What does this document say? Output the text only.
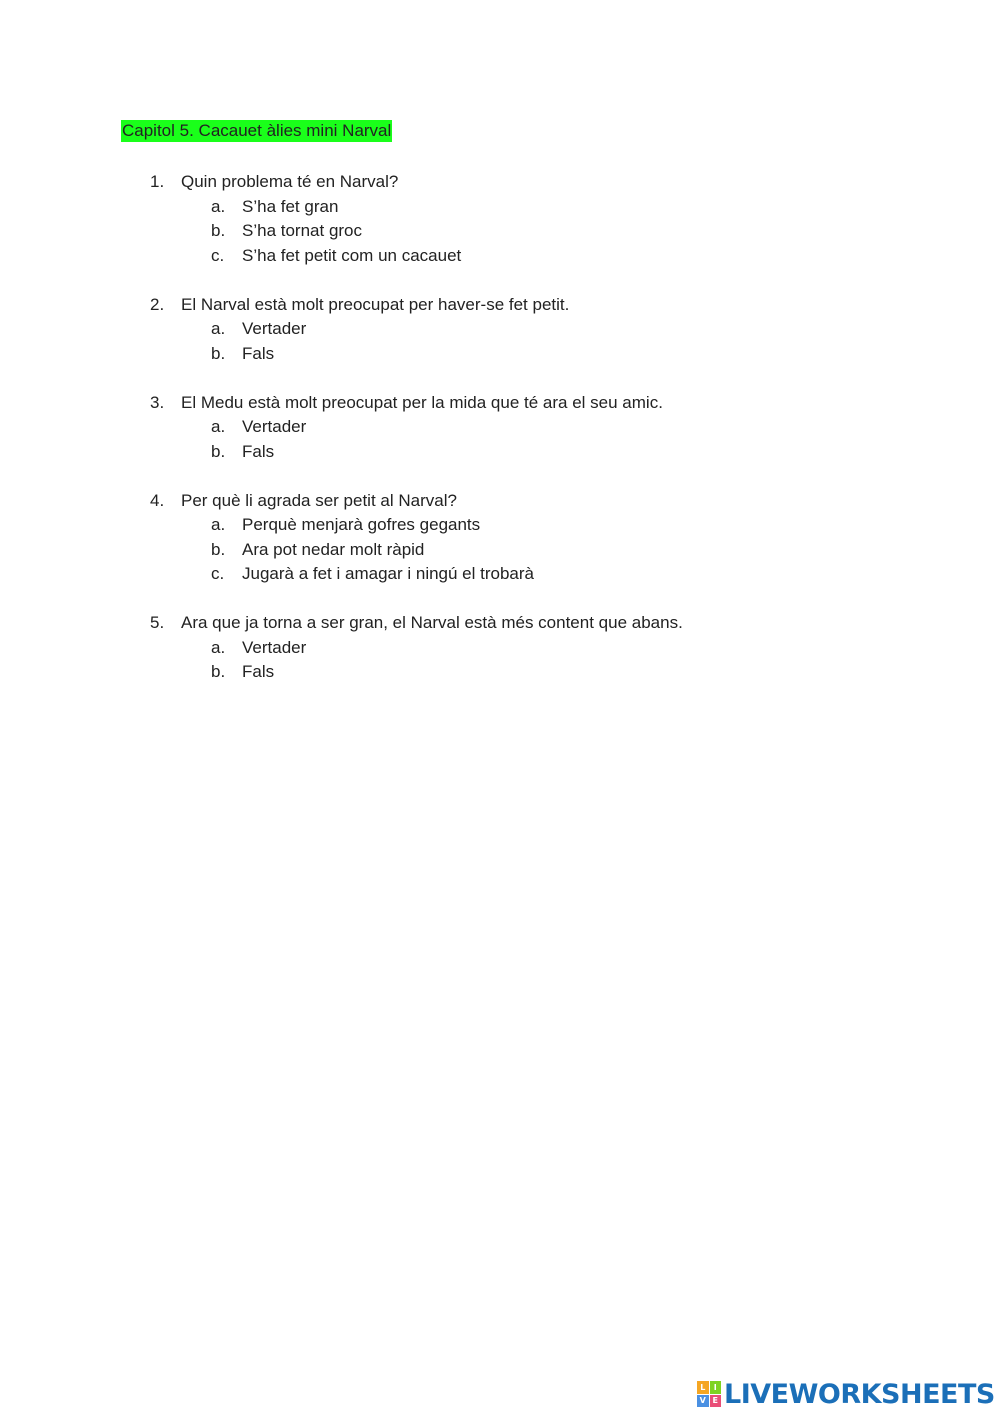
Capitol 5. Cacauet àlies mini Narval
1. Quin problema té en Narval?
a. S’ha fet gran
b. S’ha tornat groc
c. S’ha fet petit com un cacauet
2. El Narval està molt preocupat per haver-se fet petit.
a. Vertader
b. Fals
3. El Medu està molt preocupat per la mida que té ara el seu amic.
a. Vertader
b. Fals
4. Per què li agrada ser petit al Narval?
a. Perquè menjarà gofres gegants
b. Ara pot nedar molt ràpid
c. Jugarà a fet i amagar i ningú el trobarà
5. Ara que ja torna a ser gran, el Narval està més content que abans.
a. Vertader
b. Fals
L	I
V E LIVEWORKSHEETS
